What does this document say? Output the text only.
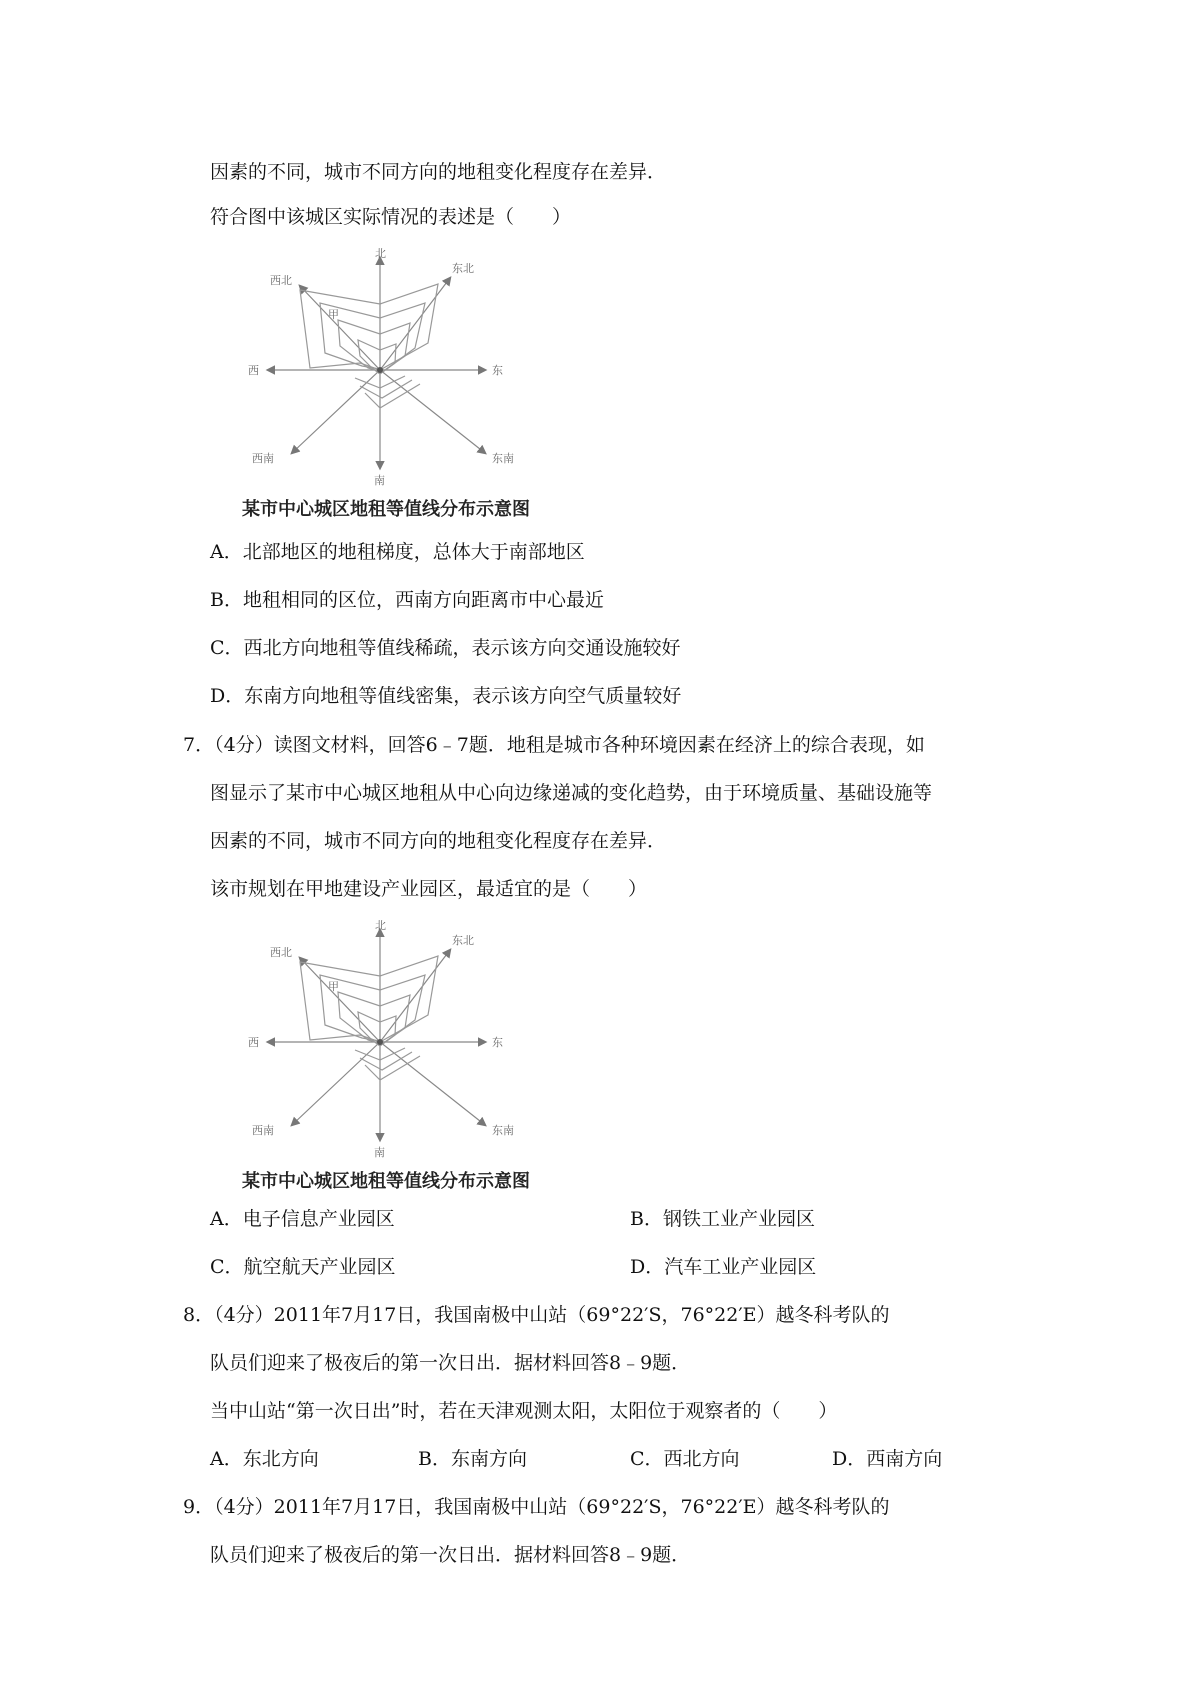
因素的不同，城市不同方向的地租变化程度存在差异．
符合图中该城区实际情况的表述是（　　）
北
东北
东
东南
南
西南
西
西北
甲
某市中心城区地租等值线分布示意图
A．北部地区的地租梯度，总体大于南部地区
B．地租相同的区位，西南方向距离市中心最近
C．西北方向地租等值线稀疏，表示该方向交通设施较好
D．东南方向地租等值线密集，表示该方向空气质量较好
7．（4分）读图文材料，回答6﹣7题．地租是城市各种环境因素在经济上的综合表现，如
图显示了某市中心城区地租从中心向边缘递减的变化趋势，由于环境质量、基础设施等
因素的不同，城市不同方向的地租变化程度存在差异．
该市规划在甲地建设产业园区，最适宜的是（　　）
北
东北
东
东南
南
西南
西
西北
甲
某市中心城区地租等值线分布示意图
A．电子信息产业园区	B．钢铁工业产业园区
C．航空航天产业园区	D．汽车工业产业园区
8．（4分）2011年7月17日，我国南极中山站（69°22′S，76°22′E）越冬科考队的
队员们迎来了极夜后的第一次日出．据材料回答8﹣9题．
当中山站“第一次日出”时，若在天津观测太阳，太阳位于观察者的（　　）
A．东北方向	B．东南方向	C．西北方向	D．西南方向
9．（4分）2011年7月17日，我国南极中山站（69°22′S，76°22′E）越冬科考队的
队员们迎来了极夜后的第一次日出．据材料回答8﹣9题．
